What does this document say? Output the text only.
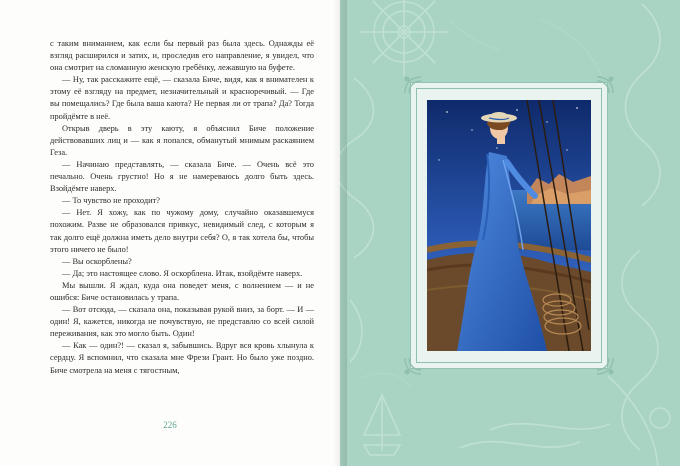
с таким вниманием, как если бы первый раз была здесь. Однажды её взгляд расширился и затих, и, проследив его направление, я увидел, что она смотрит на сломанную женскую гребёнку, лежавшую на буфете.

— Ну, так расскажите ещё, — сказала Биче, видя, как я внимателен к этому её взгляду на предмет, незначительный и красноречивый. — Где вы помещались? Где была ваша каюта? Не первая ли от трапа? Да? Тогда пройдёмте в неё.

Открыв дверь в эту каюту, я объяснил Биче положение действовавших лиц и — как я попался, обманутый мнимым раскаянием Геза.

— Начинаю представлять, — сказала Биче. — Очень всё это печально. Очень грустно! Но я не намереваюсь долго быть здесь. Взойдёмте наверх.

— То чувство не проходит?

— Нет. Я хожу, как по чужому дому, случайно оказавшемуся похожим. Разве не образовался привкус, невидимый след, с которым я так долго ещё должна иметь дело внутри себя? О, я так хотела бы, чтобы этого ничего не было!

— Вы оскорблены?

— Да; это настоящее слово. Я оскорблена. Итак, взойдёмте наверх.

Мы вышли. Я ждал, куда она поведет меня, с волнением — и не ошибся: Биче остановилась у трапа.

— Вот отсюда, — сказала она, показывая рукой вниз, за борт. — И — один! Я, кажется, никогда не почувствую, не представлю со всей силой переживания, как это могло быть. Один!

— Как — один?! — сказал я, забывшись. Вдруг вся кровь хлынула к сердцу. Я вспомнил, что сказала мне Фрези Грант. Но было уже поздно. Биче смотрела на меня с тягостным,

226
